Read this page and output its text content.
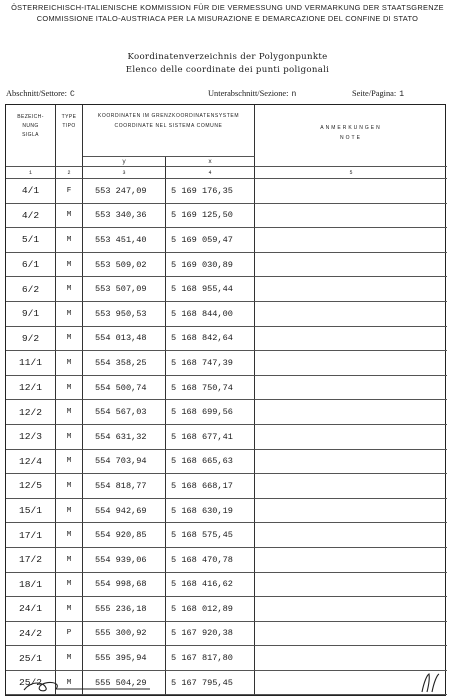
ÖSTERREICHISCH-ITALIENISCHE KOMMISSION FÜR DIE VERMESSUNG UND VERMARKUNG DER STAATSGRENZE
COMMISSIONE ITALO-AUSTRIACA PER LA MISURAZIONE E DEMARCAZIONE DEL CONFINE DI STATO
Koordinatenverzeichnis der Polygonpunkte
Elenco delle coordinate dei punti poligonali
Abschnitt/Settore: C	Unterabschnitt/Sezione: n	Seite/Pagina: 1
BEZEICH-
NUNG
SIGLA
TYPE
TIPO
KOORDINATEN IM GRENZKOORDINATENSYSTEM
COORDINATE NEL SISTEMA COMUNE	ANMERKUNGEN
NOTE
y	x
1	2	3	4	5
4/1	F	553 247,09	5 169 176,35
4/2	M	553 340,36	5 169 125,50
5/1	M	553 451,40	5 169 059,47
6/1	M	553 509,02	5 169 030,89
6/2	M	553 507,09	5 168 955,44
9/1	M	553 950,53	5 168 844,00
9/2	M	554 013,48	5 168 842,64
11/1	M	554 358,25	5 168 747,39
12/1	M	554 500,74	5 168 750,74
12/2	M	554 567,03	5 168 699,56
12/3	M	554 631,32	5 168 677,41
12/4	M	554 703,94	5 168 665,63
12/5	M	554 818,77	5 168 668,17
15/1	M	554 942,69	5 168 630,19
17/1	M	554 920,85	5 168 575,45
17/2	M	554 939,06	5 168 470,78
18/1	M	554 998,68	5 168 416,62
24/1	M	555 236,18	5 168 012,89
24/2	P	555 300,92	5 167 920,38
25/1	M	555 395,94	5 167 817,80
25/2	M	555 504,29	5 167 795,45
